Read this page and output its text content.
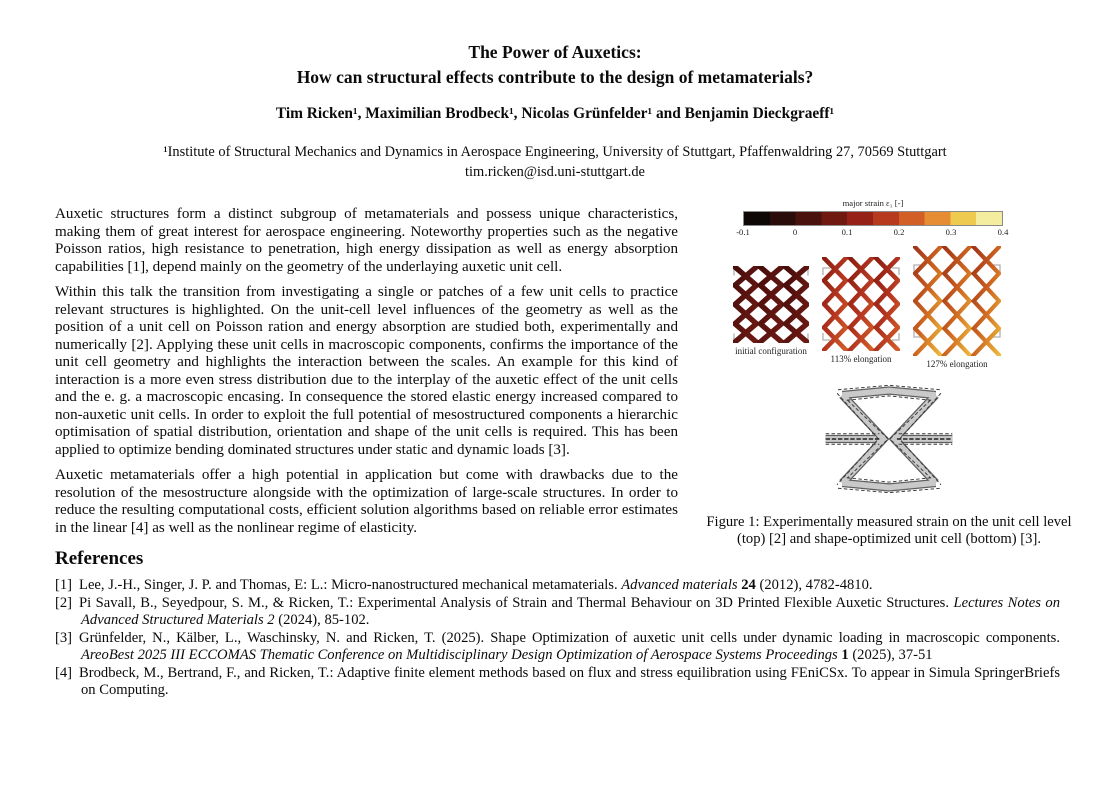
The Power of Auxetics:
How can structural effects contribute to the design of metamaterials?
Tim Ricken¹, Maximilian Brodbeck¹, Nicolas Grünfelder¹ and Benjamin Dieckgraeff¹
¹Institute of Structural Mechanics and Dynamics in Aerospace Engineering, University of Stuttgart, Pfaffenwaldring 27, 70569 Stuttgart
tim.ricken@isd.uni-stuttgart.de

Auxetic structures form a distinct subgroup of metamaterials and possess unique characteristics, making them of great interest for aerospace engineering. Noteworthy properties such as the negative Poisson ratios, high resistance to penetration, high energy dissipation as well as energy absorption capabilities [1], depend mainly on the geometry of the underlaying auxetic unit cell.

Within this talk the transition from investigating a single or patches of a few unit cells to practice relevant structures is highlighted. On the unit-cell level influences of the geometry as well as the position of a unit cell on Poisson ration and energy absorption are studied both, experimentally and numerically [2]. Applying these unit cells in macroscopic components, confirms the importance of the unit cell geometry and highlights the interaction between the scales. An example for this kind of interaction is a more even stress distribution due to the interplay of the auxetic effect of the unit cells and the e. g. a macroscopic encasing. In consequence the stored elastic energy increased compared to non-auxetic unit cells. In order to exploit the full potential of mesostructured components a hierarchic optimisation of spatial distribution, orientation and shape of the unit cells is required. This has been applied to optimize bending dominated structures under static and dynamic loads [3].

Auxetic metamaterials offer a high potential in application but come with drawbacks due to the resolution of the mesostructure alongside with the optimization of large-scale structures. In order to reduce the resulting computational costs, efficient solution algorithms based on reliable error estimates in the linear [4] as well as the nonlinear regime of elasticity.

major strain ε₁ [-]
-0.1	0	0.1	0.2	0.3	0.4
initial configuration
113% elongation	127% elongation
Figure 1: Experimentally measured strain on the unit cell level (top) [2] and shape-optimized unit cell (bottom) [3].
References
[1] Lee, J.-H., Singer, J. P. and Thomas, E: L.: Micro-nanostructured mechanical metamaterials. Advanced materials 24 (2012), 4782-4810.
[2] Pi Savall, B., Seyedpour, S. M., & Ricken, T.: Experimental Analysis of Strain and Thermal Behaviour on 3D Printed Flexible Auxetic Structures. Lectures Notes on Advanced Structured Materials 2 (2024), 85-102.
[3] Grünfelder, N., Kälber, L., Waschinsky, N. and Ricken, T. (2025). Shape Optimization of auxetic unit cells under dynamic loading in macroscopic components. AreoBest 2025 III ECCOMAS Thematic Conference on Multidisciplinary Design Optimization of Aerospace Systems Proceedings 1 (2025), 37-51
[4] Brodbeck, M., Bertrand, F., and Ricken, T.: Adaptive finite element methods based on flux and stress equilibration using FEniCSx. To appear in Simula SpringerBriefs on Computing.
